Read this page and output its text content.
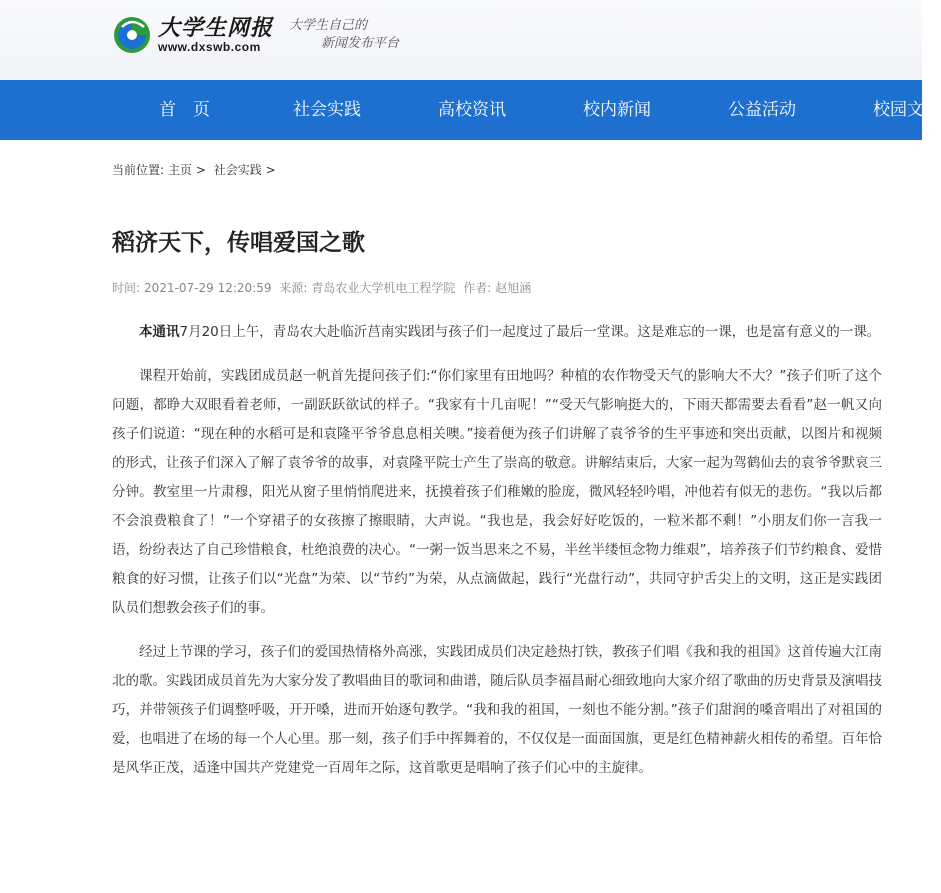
大学生网报
www.dxswb.com
大学生自己的
新闻发布平台
首　页	社会实践	高校资讯	校内新闻	公益活动	校园文化
当前位置: 主页 > 社会实践 >
稻济天下，传唱爱国之歌
时间: 2021-07-29 12:20:59 来源: 青岛农业大学机电工程学院 作者: 赵旭涵

本通讯7月20日上午，青岛农大赴临沂莒南实践团与孩子们一起度过了最后一堂课。这是难忘的一课，也是富有意义的一课。

课程开始前，实践团成员赵一帆首先提问孩子们:“你们家里有田地吗？种植的农作物受天气的影响大不大？”孩子们听了这个问题，都睁大双眼看着老师，一副跃跃欲试的样子。“我家有十几亩呢！”“受天气影响挺大的，下雨天都需要去看看”赵一帆又向孩子们说道：“现在种的水稻可是和袁隆平爷爷息息相关噢。”接着便为孩子们讲解了袁爷爷的生平事迹和突出贡献，以图片和视频的形式，让孩子们深入了解了袁爷爷的故事，对袁隆平院士产生了崇高的敬意。讲解结束后，大家一起为驾鹤仙去的袁爷爷默哀三分钟。教室里一片肃穆，阳光从窗子里悄悄爬进来，抚摸着孩子们稚嫩的脸庞，微风轻轻吟唱，冲他若有似无的悲伤。“我以后都不会浪费粮食了！”一个穿裙子的女孩擦了擦眼睛，大声说。“我也是，我会好好吃饭的，一粒米都不剩！”小朋友们你一言我一语，纷纷表达了自己珍惜粮食，杜绝浪费的决心。“一粥一饭当思来之不易，半丝半缕恒念物力维艰”，培养孩子们节约粮食、爱惜粮食的好习惯，让孩子们以“光盘”为荣、以“节约”为荣，从点滴做起，践行“光盘行动”，共同守护舌尖上的文明，这正是实践团队员们想教会孩子们的事。

经过上节课的学习，孩子们的爱国热情格外高涨，实践团成员们决定趁热打铁，教孩子们唱《我和我的祖国》这首传遍大江南北的歌。实践团成员首先为大家分发了教唱曲目的歌词和曲谱，随后队员李福昌耐心细致地向大家介绍了歌曲的历史背景及演唱技巧，并带领孩子们调整呼吸，开开嗓，进而开始逐句教学。“我和我的祖国，一刻也不能分割。”孩子们甜润的嗓音唱出了对祖国的爱，也唱进了在场的每一个人心里。那一刻，孩子们手中挥舞着的，不仅仅是一面面国旗，更是红色精神薪火相传的希望。百年恰是风华正茂，适逢中国共产党建党一百周年之际，这首歌更是唱响了孩子们心中的主旋律。
